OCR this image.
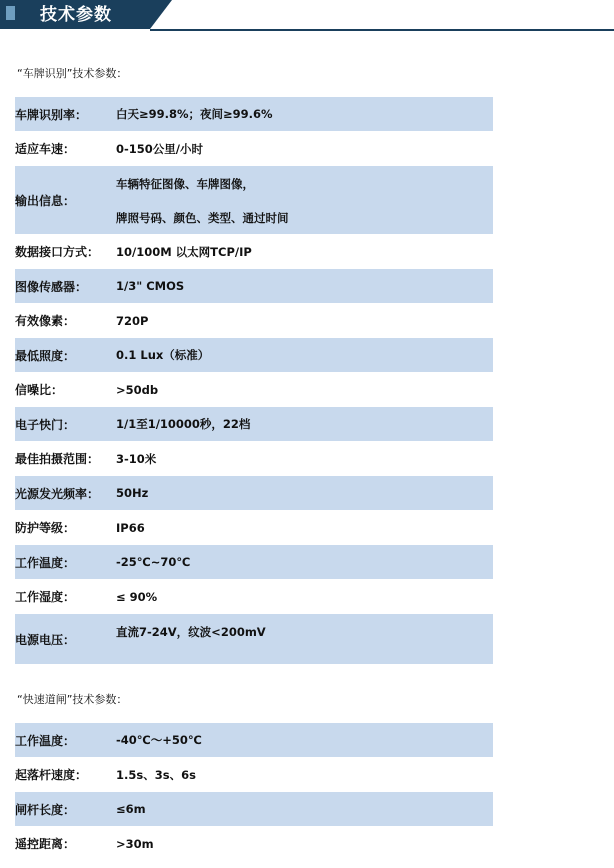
技术参数
“车牌识别”技术参数：
车牌识别率：	白天≥99.8%；夜间≥99.6%
适应车速：	0-150公里/小时
输出信息：
车辆特征图像、车牌图像，
牌照号码、颜色、类型、通过时间
数据接口方式：	10/100M 以太网TCP/IP
图像传感器：	1/3" CMOS
有效像素：	720P
最低照度：	0.1 Lux（标准）
信噪比：	>50db
电子快门：	1/1至1/10000秒，22档
最佳拍摄范围：	3-10米
光源发光频率：	50Hz
防护等级：	IP66
工作温度：	-25℃~70℃
工作湿度：	≤ 90%
电源电压：
直流7-24V，纹波<200mV
“快速道闸”技术参数：
工作温度：	-40℃～+50℃
起落杆速度：	1.5s、3s、6s
闸杆长度：	≤6m
遥控距离：	>30m
